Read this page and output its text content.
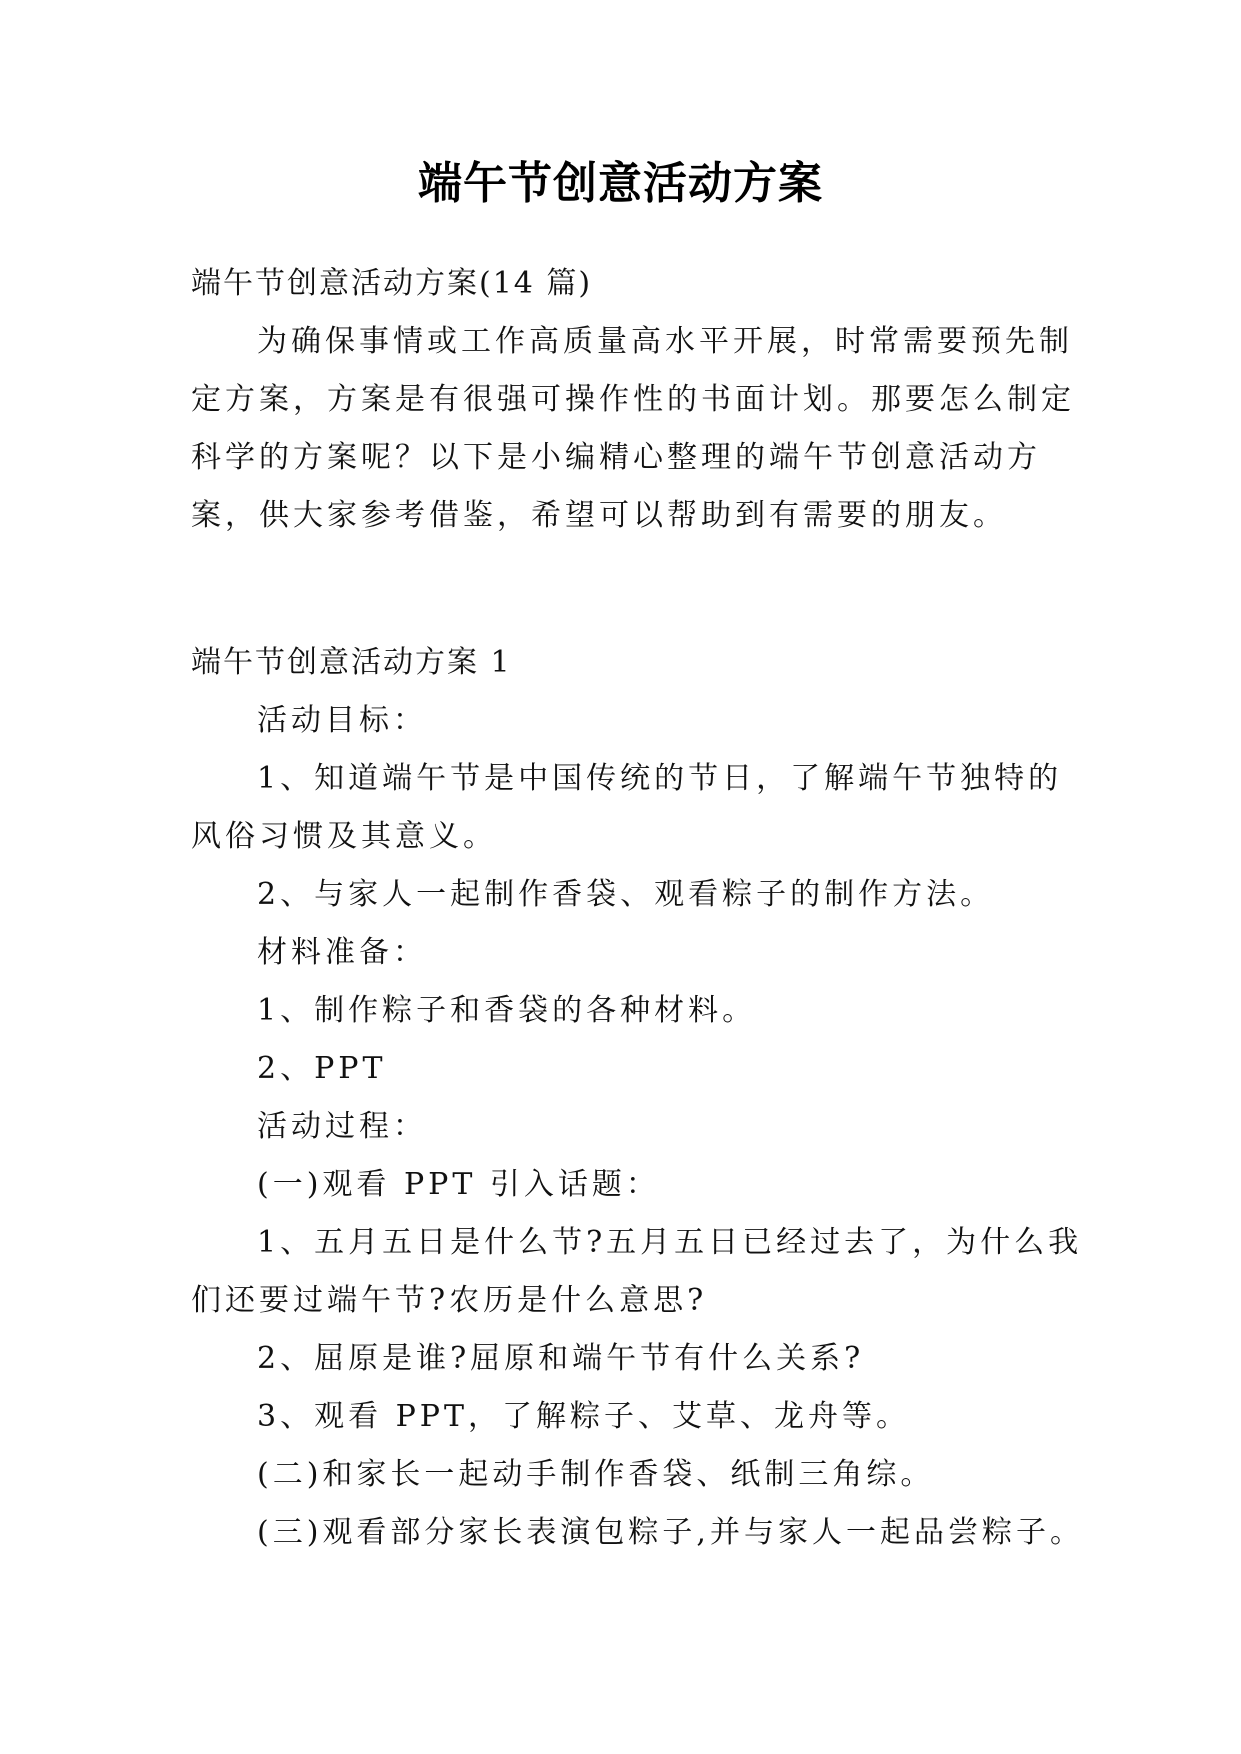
端午节创意活动方案
端午节创意活动方案(14 篇)
为确保事情或工作高质量高水平开展，时常需要预先制
定方案，方案是有很强可操作性的书面计划。那要怎么制定
科学的方案呢？以下是小编精心整理的端午节创意活动方
案，供大家参考借鉴，希望可以帮助到有需要的朋友。
端午节创意活动方案 1
活动目标：
1、知道端午节是中国传统的节日，了解端午节独特的
风俗习惯及其意义。
2、与家人一起制作香袋、观看粽子的制作方法。
材料准备：
1、制作粽子和香袋的各种材料。
2、PPT
活动过程：
(一)观看 PPT 引入话题：
1、五月五日是什么节?五月五日已经过去了，为什么我
们还要过端午节?农历是什么意思?
2、屈原是谁?屈原和端午节有什么关系?
3、观看 PPT，了解粽子、艾草、龙舟等。
(二)和家长一起动手制作香袋、纸制三角综。
(三)观看部分家长表演包粽子,并与家人一起品尝粽子。
